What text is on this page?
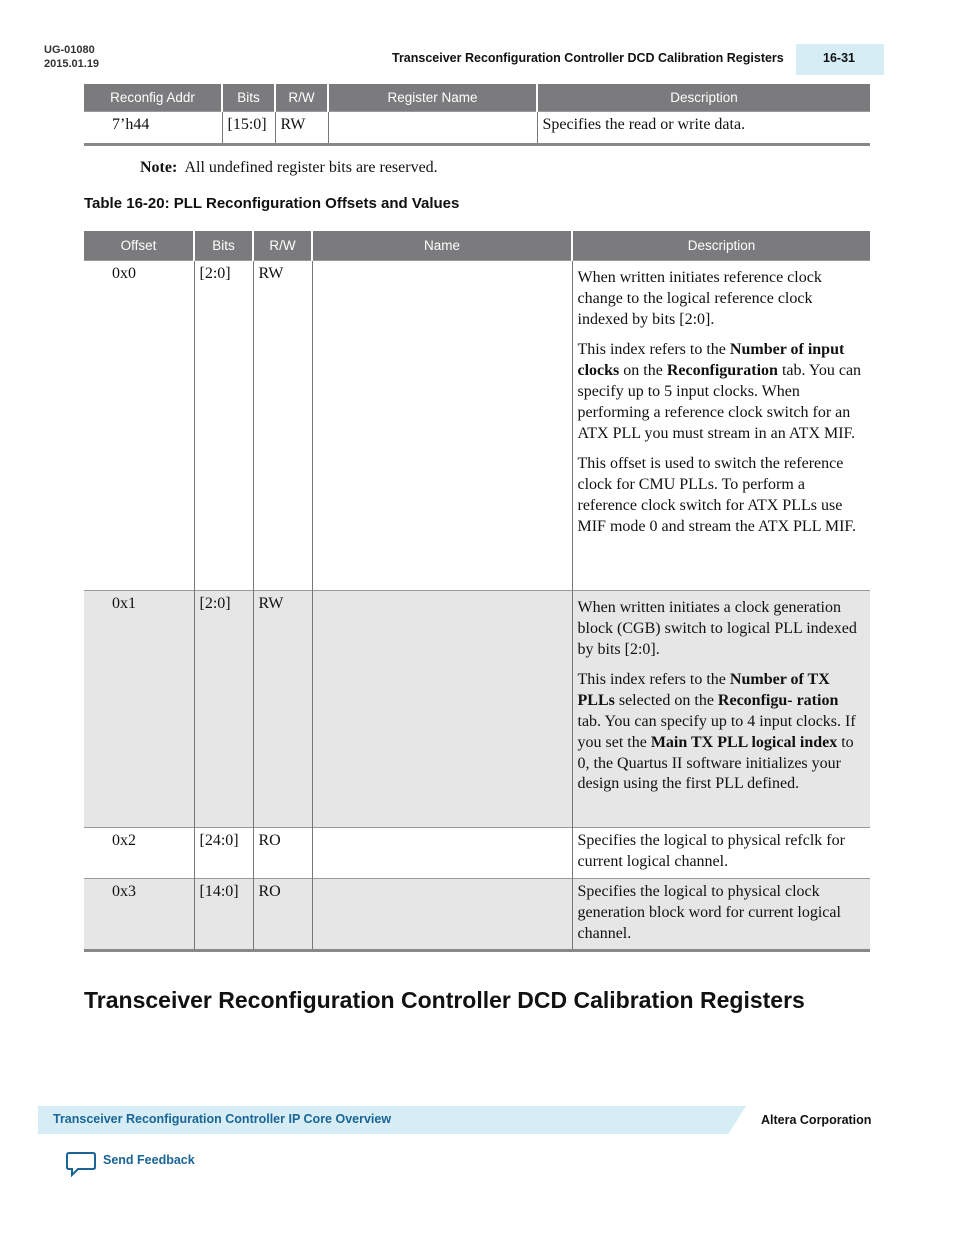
UG-01080
2015.01.19	Transceiver Reconfiguration Controller DCD Calibration Registers	16-31
Reconfig Addr	Bits	R/W	Register Name	Description
7’h44	[15:0]	RW		Specifies the read or write data.
Note: All undefined register bits are reserved.
Table 16-20: PLL Reconfiguration Offsets and Values
Offset	Bits	R/W	Name	Description
0x0	[2:0]	RW		When written initiates reference clock change to the logical reference clock indexed by bits [2:0].

This index refers to the Number of input clocks on the Reconfiguration tab. You can specify up to 5 input clocks. When performing a reference clock switch for an ATX PLL you must stream in an ATX MIF.

This offset is used to switch the reference clock for CMU PLLs. To perform a reference clock switch for ATX PLLs use MIF mode 0 and stream the ATX PLL MIF.

0x1	[2:0]	RW		When written initiates a clock generation block (CGB) switch to logical PLL indexed by bits [2:0].

This index refers to the Number of TX PLLs selected on the Reconfigu- ration tab. You can specify up to 4 input clocks. If you set the Main TX PLL logical index to 0, the Quartus II software initializes your design using the first PLL defined.

0x2	[24:0]	RO		Specifies the logical to physical refclk for current logical channel.

0x3	[14:0]	RO		Specifies the logical to physical clock generation block word for current logical channel.

Transceiver Reconfiguration Controller DCD Calibration Registers
Transceiver Reconfiguration Controller IP Core Overview	Altera Corporation
Send Feedback
